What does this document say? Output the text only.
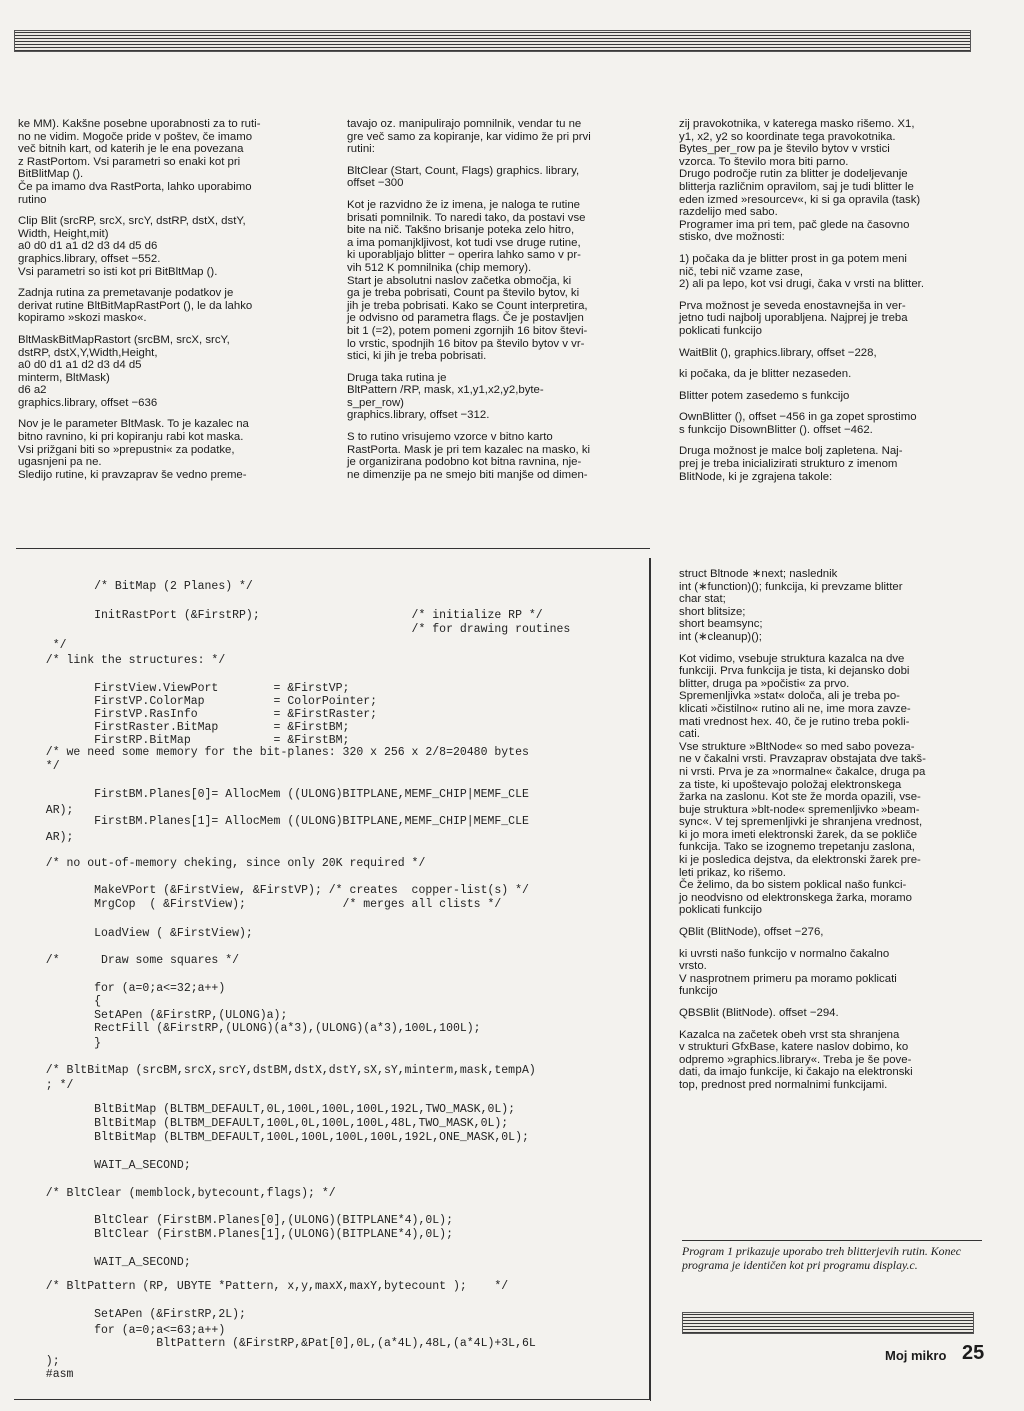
ke MM). Kakšne posebne uporabnosti za to ruti-
no ne vidim. Mogoče pride v poštev, če imamo
več bitnih kart, od katerih je le ena povezana
z RastPortom. Vsi parametri so enaki kot pri
BitBlitMap ().
Če pa imamo dva RastPorta, lahko uporabimo
rutino

Clip Blit (srcRP, srcX, srcY, dstRP, dstX, dstY,
Width, Height,mit)
a0 d0 d1 a1 d2 d3 d4 d5 d6
graphics.library, offset −552.
Vsi parametri so isti kot pri BitBltMap ().

Zadnja rutina za premetavanje podatkov je
derivat rutine BltBitMapRastPort (), le da lahko
kopiramo »skozi masko«.

BltMaskBitMapRastort (srcBM, srcX, srcY,
dstRP, dstX,Y,Width,Height,
a0 d0 d1 a1 d2 d3 d4 d5
minterm, BltMask)
d6 a2
graphics.library, offset −636

Nov je le parameter BltMask. To je kazalec na
bitno ravnino, ki pri kopiranju rabi kot maska.
Vsi prižgani biti so »prepustni« za podatke,
ugasnjeni pa ne.
Sledijo rutine, ki pravzaprav še vedno preme-

tavajo oz. manipulirajo pomnilnik, vendar tu ne
gre več samo za kopiranje, kar vidimo že pri prvi
rutini:

BltClear (Start, Count, Flags) graphics. library,
offset −300

Kot je razvidno že iz imena, je naloga te rutine
brisati pomnilnik. To naredi tako, da postavi vse
bite na nič. Takšno brisanje poteka zelo hitro,
a ima pomanjkljivost, kot tudi vse druge rutine,
ki uporabljajo blitter − operira lahko samo v pr-
vih 512 K pomnilnika (chip memory).
Start je absolutni naslov začetka območja, ki
ga je treba pobrisati, Count pa število bytov, ki
jih je treba pobrisati. Kako se Count interpretira,
je odvisno od parametra flags. Če je postavljen
bit 1 (=2), potem pomeni zgornjih 16 bitov števi-
lo vrstic, spodnjih 16 bitov pa število bytov v vr-
stici, ki jih je treba pobrisati.

Druga taka rutina je
BltPattern /RP, mask, x1,y1,x2,y2,byte-
s_per_row)
graphics.library, offset −312.

S to rutino vrisujemo vzorce v bitno karto
RastPorta. Mask je pri tem kazalec na masko, ki
je organizirana podobno kot bitna ravnina, nje-
ne dimenzije pa ne smejo biti manjše od dimen-

zij pravokotnika, v katerega masko rišemo. X1,
y1, x2, y2 so koordinate tega pravokotnika.
Bytes_per_row pa je število bytov v vrstici
vzorca. To število mora biti parno.
Drugo področje rutin za blitter je dodeljevanje
blitterja različnim opravilom, saj je tudi blitter le
eden izmed »resourcev«, ki si ga opravila (task)
razdelijo med sabo.
Programer ima pri tem, pač glede na časovno
stisko, dve možnosti:

1) počaka da je blitter prost in ga potem meni
nič, tebi nič vzame zase,
2) ali pa lepo, kot vsi drugi, čaka v vrsti na blitter.

Prva možnost je seveda enostavnejša in ver-
jetno tudi najbolj uporabljena. Najprej je treba
poklicati funkcijo

WaitBlit (), graphics.library, offset −228,

ki počaka, da je blitter nezaseden.

Blitter potem zasedemo s funkcijo

OwnBlitter (), offset −456 in ga zopet sprostimo
s funkcijo DisownBlitter (). offset −462.

Druga možnost je malce bolj zapletena. Naj-
prej je treba inicializirati strukturo z imenom
BlitNode, ki je zgrajena takole:

struct Bltnode ∗next; naslednik
int (∗function)(); funkcija, ki prevzame blitter
char stat;
short blitsize;
short beamsync;
int (∗cleanup)();

Kot vidimo, vsebuje struktura kazalca na dve
funkciji. Prva funkcija je tista, ki dejansko dobi
blitter, druga pa »počisti« za prvo.
Spremenljivka »stat« določa, ali je treba po-
klicati »čistilno« rutino ali ne, ime mora zavze-
mati vrednost hex. 40, če je rutino treba pokli-
cati.
Vse strukture »BltNode« so med sabo poveza-
ne v čakalni vrsti. Pravzaprav obstajata dve takš-
ni vrsti. Prva je za »normalne« čakalce, druga pa
za tiste, ki upoštevajo položaj elektronskega
žarka na zaslonu. Kot ste že morda opazili, vse-
buje struktura »blt-node« spremenljivko »beam-
sync«. V tej spremenljivki je shranjena vrednost,
ki jo mora imeti elektronski žarek, da se pokliče
funkcija. Tako se izognemo trepetanju zaslona,
ki je posledica dejstva, da elektronski žarek pre-
leti prikaz, ko rišemo.
Če želimo, da bo sistem poklical našo funkci-
jo neodvisno od elektronskega žarka, moramo
poklicati funkcijo

QBlit (BlitNode), offset −276,

ki uvrsti našo funkcijo v normalno čakalno
vrsto.
V nasprotnem primeru pa moramo poklicati
funkcijo

QBSBlit (BlitNode). offset −294.

Kazalca na začetek obeh vrst sta shranjena
v strukturi GfxBase, katere naslov dobimo, ko
odpremo »graphics.library«. Treba je še pove-
dati, da imajo funkcije, ki čakajo na elektronski
top, prednost pred normalnimi funkcijami.

/* BitMap (2 Planes) */
InitRastPort (&FirstRP);                      /* initialize RP */
/* for drawing routines
*/
/* link the structures: */
FirstView.ViewPort        = &FirstVP;
FirstVP.ColorMap          = ColorPointer;
FirstVP.RasInfo           = &FirstRaster;
FirstRaster.BitMap        = &FirstBM;
FirstRP.BitMap            = &FirstBM;
/* we need some memory for the bit-planes: 320 x 256 x 2/8=20480 bytes
*/
FirstBM.Planes[0]= AllocMem ((ULONG)BITPLANE,MEMF_CHIP|MEMF_CLE
AR);
FirstBM.Planes[1]= AllocMem ((ULONG)BITPLANE,MEMF_CHIP|MEMF_CLE
AR);
/* no out-of-memory cheking, since only 20K required */
MakeVPort (&FirstView, &FirstVP); /* creates  copper-list(s) */
MrgCop  ( &FirstView);              /* merges all clists */
LoadView ( &FirstView);
/*      Draw some squares */
for (a=0;a<=32;a++)
{
SetAPen (&FirstRP,(ULONG)a);
RectFill (&FirstRP,(ULONG)(a*3),(ULONG)(a*3),100L,100L);
}
/* BltBitMap (srcBM,srcX,srcY,dstBM,dstX,dstY,sX,sY,minterm,mask,tempA)
; */
BltBitMap (BLTBM_DEFAULT,0L,100L,100L,100L,192L,TWO_MASK,0L);
BltBitMap (BLTBM_DEFAULT,100L,0L,100L,100L,48L,TWO_MASK,0L);
BltBitMap (BLTBM_DEFAULT,100L,100L,100L,100L,192L,ONE_MASK,0L);
WAIT_A_SECOND;
/* BltClear (memblock,bytecount,flags); */
BltClear (FirstBM.Planes[0],(ULONG)(BITPLANE*4),0L);
BltClear (FirstBM.Planes[1],(ULONG)(BITPLANE*4),0L);
WAIT_A_SECOND;
/* BltPattern (RP, UBYTE *Pattern, x,y,maxX,maxY,bytecount );    */
SetAPen (&FirstRP,2L);
for (a=0;a<=63;a++)
BltPattern (&FirstRP,&Pat[0],0L,(a*4L),48L,(a*4L)+3L,6L
);
#asm
Program 1 prikazuje uporabo treh blitterjevih rutin. Konec programa je identičen kot pri programu display.c.
Moj mikro 25
